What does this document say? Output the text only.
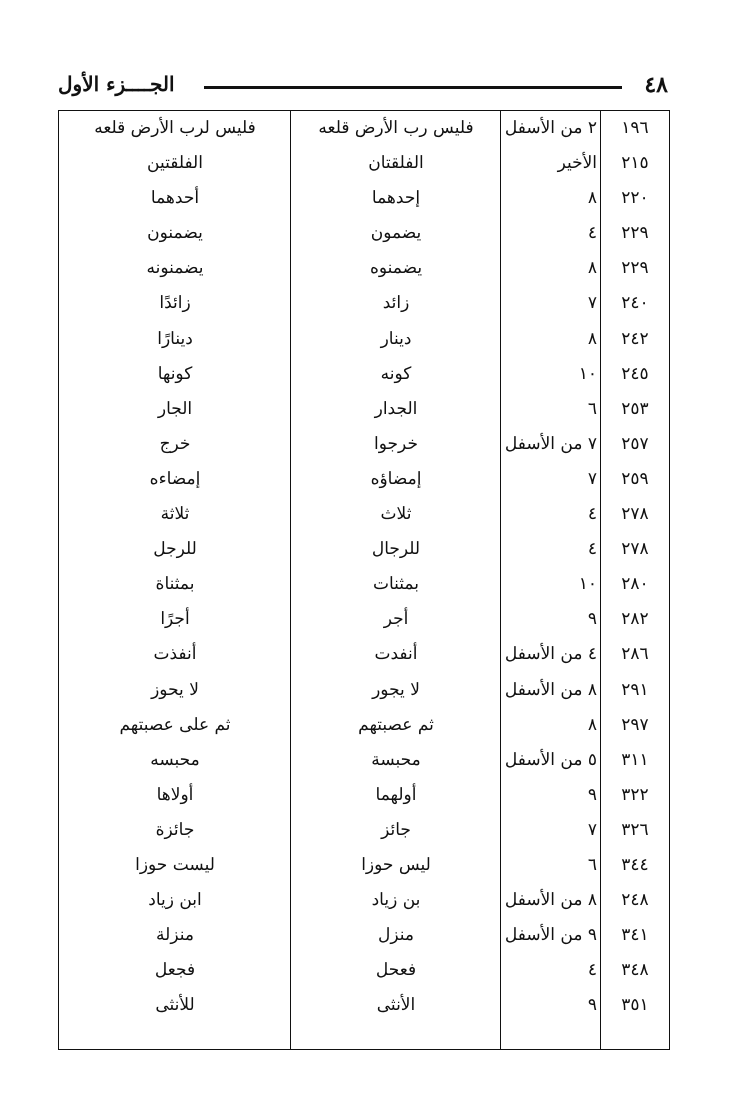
٤٨
الجــــزء الأول
١٩٦
٢ من الأسفل
فليس رب الأرض قلعه
فليس لرب الأرض قلعه
٢١٥
الأخير
الفلقتان
الفلقتين
٢٢٠
٨
إحدهما
أحدهما
٢٢٩
٤
يضمون
يضمنون
٢٢٩
٨
يضمنوه
يضمنونه
٢٤٠
٧
زائد
زائدًا
٢٤٢
٨
دينار
دينارًا
٢٤٥
١٠
كونه
كونها
٢٥٣
٦
الجدار
الجار
٢٥٧
٧ من الأسفل
خرجوا
خرج
٢٥٩
٧
إمضاؤه
إمضاءه
٢٧٨
٤
ثلاث
ثلاثة
٢٧٨
٤
للرجال
للرجل
٢٨٠
١٠
بمثنات
بمثناة
٢٨٢
٩
أجر
أجرًا
٢٨٦
٤ من الأسفل
أنفدت
أنفذت
٢٩١
٨ من الأسفل
لا يجور
لا يحوز
٢٩٧
٨
ثم عصبتهم
ثم على عصبتهم
٣١١
٥ من الأسفل
محبسة
محبسه
٣٢٢
٩
أولهما
أولاها
٣٢٦
٧
جائز
جائزة
٣٤٤
٦
ليس حوزا
ليست حوزا
٢٤٨
٨ من الأسفل
بن زياد
ابن زياد
٣٤١
٩ من الأسفل
منزل
منزلة
٣٤٨
٤
فعحل
فجعل
٣٥١
٩
الأنثى
للأنثى
